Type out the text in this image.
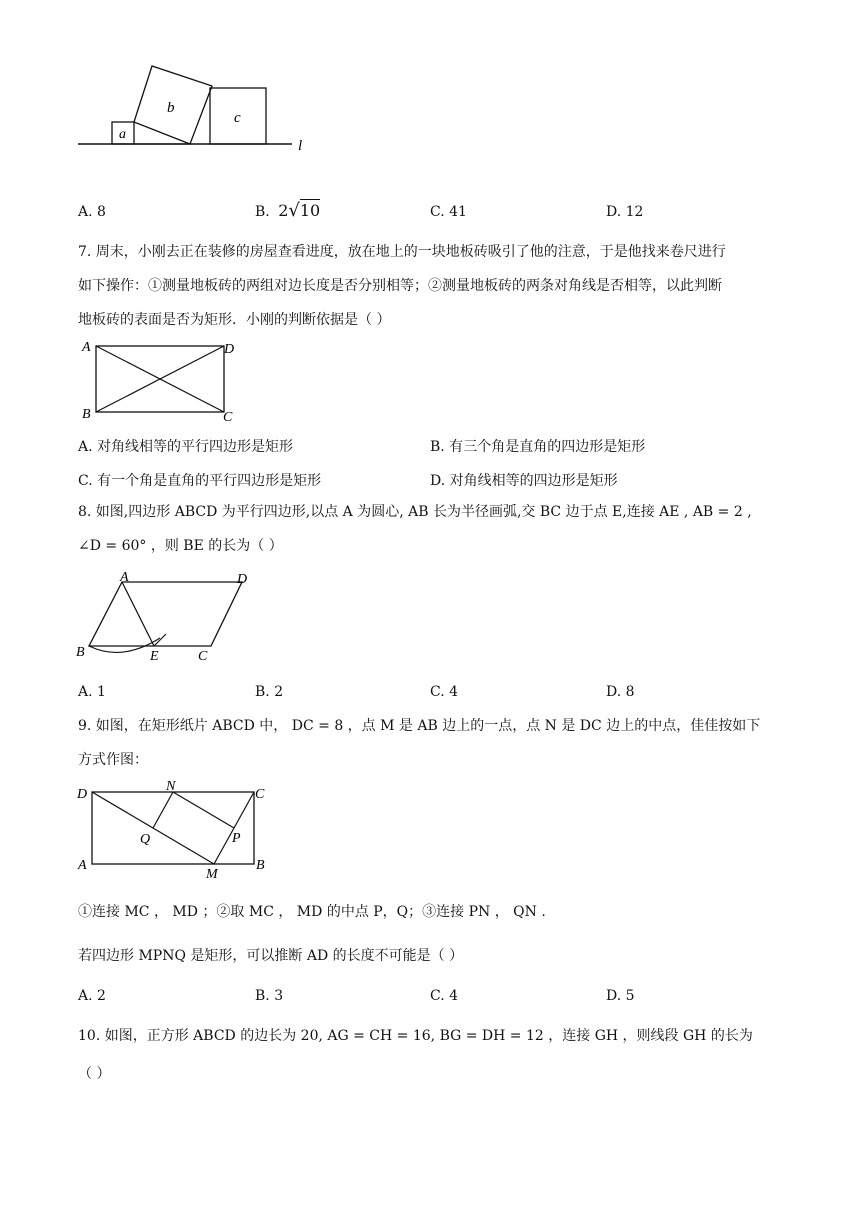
a
b
c
l
A. 8	B. 2√10	C. 41	D. 12
7. 周末，小刚去正在装修的房屋查看进度，放在地上的一块地板砖吸引了他的注意，于是他找来卷尺进行
如下操作：①测量地板砖的两组对边长度是否分别相等；②测量地板砖的两条对角线是否相等，以此判断
地板砖的表面是否为矩形．小刚的判断依据是（ ）
A	D
B	C
A. 对角线相等的平行四边形是矩形	B. 有三个角是直角的四边形是矩形
C. 有一个角是直角的平行四边形是矩形	D. 对角线相等的四边形是矩形
8. 如图,四边形 ABCD 为平行四边形,以点 A 为圆心, AB 长为半径画弧,交 BC 边于点 E,连接 AE , AB = 2 ,
∠D = 60° ，则 BE 的长为（ ）
A	D
B	E	C
A. 1	B. 2	C. 4	D. 8
9. 如图，在矩形纸片 ABCD 中， DC = 8 ，点 M 是 AB 边上的一点，点 N 是 DC 边上的中点，佳佳按如下
方式作图：
D
N
C
Q	P
A
M
B
①连接 MC ， MD ；②取 MC ， MD 的中点 P，Q；③连接 PN ， QN .
若四边形 MPNQ 是矩形，可以推断 AD 的长度不可能是（ ）
A. 2	B. 3	C. 4	D. 5
10. 如图，正方形 ABCD 的边长为 20, AG = CH = 16, BG = DH = 12 ，连接 GH ，则线段 GH 的长为
（ ）
